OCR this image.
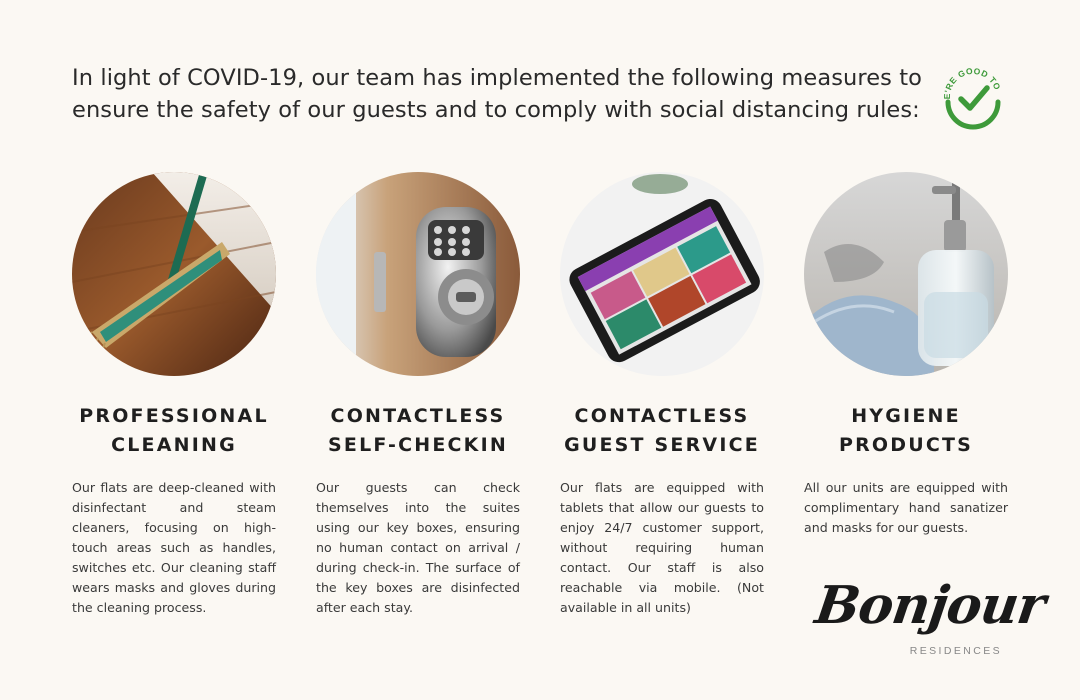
In light of COVID-19, our team has implemented the following measures to
ensure the safety of our guests and to comply with social distancing rules:
E'RE GOOD TO
PROFESSIONAL
CLEANING
Our flats are deep-cleaned with disinfectant and steam cleaners, focusing on high-touch areas such as handles, switches etc. Our cleaning staff wears masks and gloves during the cleaning process.
CONTACTLESS
SELF-CHECKIN
Our guests can check themselves into the suites using our key boxes, ensuring no human contact on arrival / during check-in. The surface of the key boxes are disinfected after each stay.
CONTACTLESS
GUEST SERVICE
Our flats are equipped with tablets that allow our guests to enjoy 24/7 customer support, without requiring human contact. Our staff is also reachable via mobile. (Not available in all units)
HYGIENE
PRODUCTS
All our units are equipped with complimentary hand sanatizer and masks for our guests.
Bonjour
RESIDENCES
